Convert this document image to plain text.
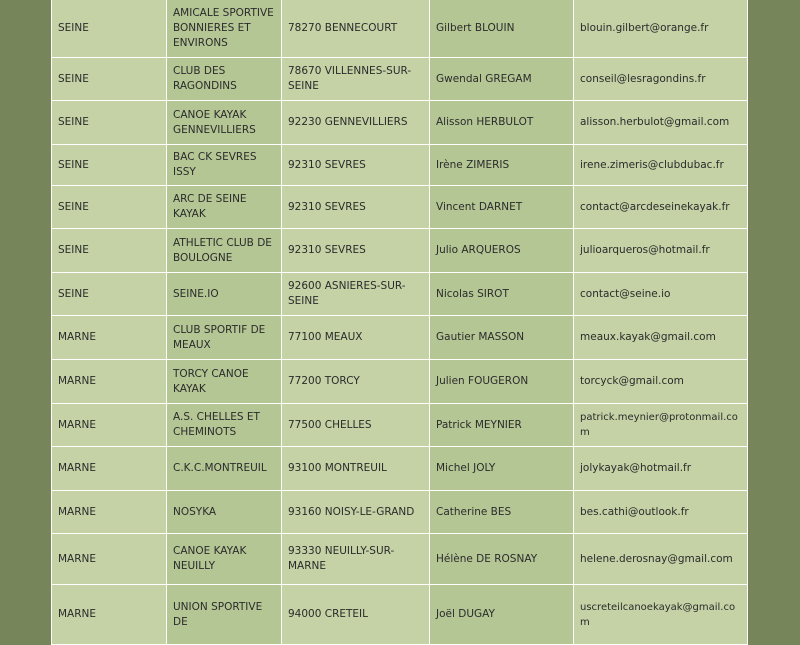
SEINE	AMICALE SPORTIVE BONNIERES ET ENVIRONS	78270 BENNECOURT	Gilbert BLOUIN	blouin.gilbert@orange.fr
SEINE	CLUB DES RAGONDINS	78670 VILLENNES-SUR-SEINE	Gwendal GREGAM	conseil@lesragondins.fr
SEINE	CANOE KAYAK GENNEVILLIERS	92230 GENNEVILLIERS	Alisson HERBULOT	alisson.herbulot@gmail.com
SEINE	BAC CK SEVRES ISSY	92310 SEVRES	Irène ZIMERIS	irene.zimeris@clubdubac.fr
SEINE	ARC DE SEINE KAYAK	92310 SEVRES	Vincent DARNET	contact@arcdeseinekayak.fr
SEINE	ATHLETIC CLUB DE BOULOGNE	92310 SEVRES	Julio ARQUEROS	julioarqueros@hotmail.fr
SEINE	SEINE.IO	92600 ASNIERES-SUR-SEINE	Nicolas SIROT	contact@seine.io
MARNE	CLUB SPORTIF DE MEAUX	77100 MEAUX	Gautier MASSON	meaux.kayak@gmail.com
MARNE	TORCY CANOE KAYAK	77200 TORCY	Julien FOUGERON	torcyck@gmail.com
MARNE	A.S. CHELLES ET CHEMINOTS	77500 CHELLES	Patrick MEYNIER	patrick.meynier@protonmail.com
MARNE	C.K.C.MONTREUIL	93100 MONTREUIL	Michel JOLY	jolykayak@hotmail.fr
MARNE	NOSYKA	93160 NOISY-LE-GRAND	Catherine BES	bes.cathi@outlook.fr
MARNE	CANOE KAYAK NEUILLY	93330 NEUILLY-SUR-MARNE	Hélène DE ROSNAY	helene.derosnay@gmail.com
MARNE	UNION SPORTIVE DE	94000 CRETEIL	Joël DUGAY	uscreteilcanoekayak@gmail.com
